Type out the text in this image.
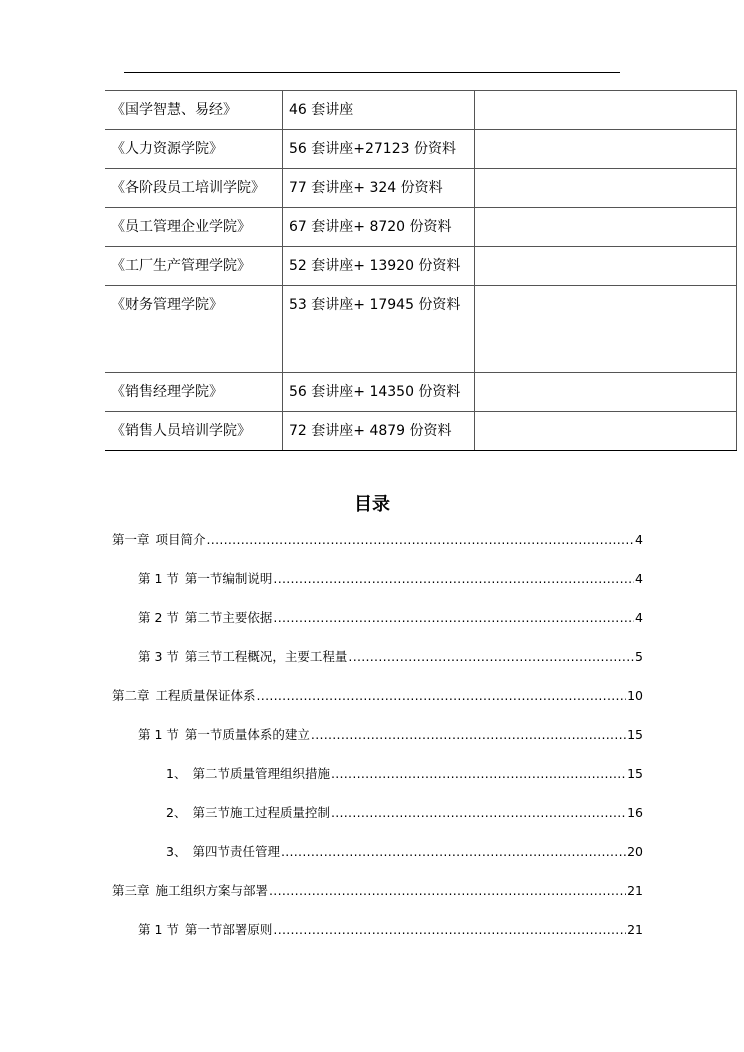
《国学智慧、易经》	46 套讲座	
《人力资源学院》	56 套讲座+27123 份资料	
《各阶段员工培训学院》	77 套讲座+ 324 份资料	
《员工管理企业学院》	67 套讲座+ 8720 份资料	
《工厂生产管理学院》	52 套讲座+ 13920 份资料	
《财务管理学院》	53 套讲座+ 17945 份资料	
《销售经理学院》	56 套讲座+ 14350 份资料	
《销售人员培训学院》	72 套讲座+ 4879 份资料	
目录
第一章 项目简介 .....	4
第 1 节 第一节编制说明 .....	4
第 2 节 第二节主要依据 .....	4
第 3 节 第三节工程概况，主要工程量 .....	5
第二章 工程质量保证体系 .....	10
第 1 节 第一节质量体系的建立 .....	15
1、 第二节质量管理组织措施 .....	15
2、 第三节施工过程质量控制 .....	16
3、 第四节责任管理 .....	20
第三章 施工组织方案与部署 .....	21
第 1 节 第一节部署原则 .....	21
